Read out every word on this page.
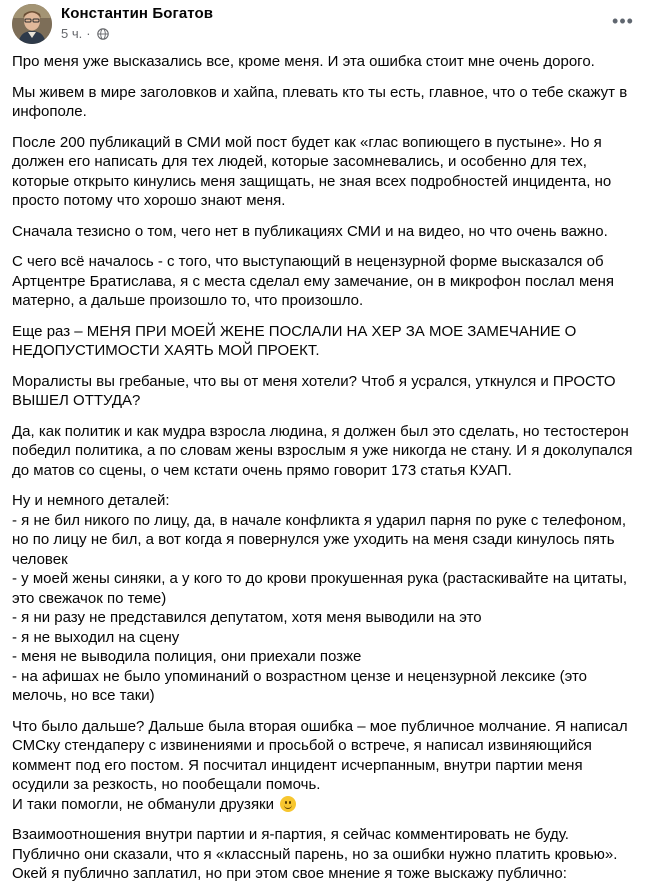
Константин Богатов
5 ч. ·
•••

Про меня уже высказались все, кроме меня. И эта ошибка стоит мне очень дорого.

Мы живем в мире заголовков и хайпа, плевать кто ты есть, главное, что о тебе скажут в инфополе.

После 200 публикаций в СМИ мой пост будет как «глас вопиющего в пустыне». Но я должен его написать для тех людей, которые засомневались, и особенно для тех, которые открыто кинулись меня защищать, не зная всех подробностей инцидента, но просто потому что хорошо знают меня.

Сначала тезисно о том, чего нет в публикациях СМИ и на видео, но что очень важно.

С чего всё началось - с того, что выступающий в нецензурной форме высказался об Артцентре Братислава, я с места сделал ему замечание, он в микрофон послал меня матерно, а дальше произошло то, что произошло.

Еще раз – МЕНЯ ПРИ МОЕЙ ЖЕНЕ ПОСЛАЛИ НА ХЕР ЗА МОЕ ЗАМЕЧАНИЕ О НЕДОПУСТИМОСТИ ХАЯТЬ МОЙ ПРОЕКТ.

Моралисты вы гребаные, что вы от меня хотели? Чтоб я усрался, уткнулся и ПРОСТО ВЫШЕЛ ОТТУДА?

Да, как политик и как мудра взросла людина, я должен был это сделать, но тестостерон победил политика, а по словам жены взрослым я уже никогда не стану. И я доколупался до матов со сцены, о чем кстати очень прямо говорит 173 статья КУАП.

Ну и немного деталей:
- я не бил никого по лицу, да, в начале конфликта я ударил парня по руке с телефоном, но по лицу не бил, а вот когда я повернулся уже уходить на меня сзади кинулось пять человек
- у моей жены синяки, а у кого то до крови прокушенная рука (растаскивайте на цитаты, это свежачок по теме)
- я ни разу не представился депутатом, хотя меня выводили на это
- я не выходил на сцену
- меня не выводила полиция, они приехали позже
- на афишах не было упоминаний о возрастном цензе и нецензурной лексике (это мелочь, но все таки)

Что было дальше? Дальше была вторая ошибка – мое публичное молчание. Я написал СМСку стендаперу с извинениями и просьбой о встрече, я написал извиняющийся коммент под его постом. Я посчитал инцидент исчерпанным, внутри партии меня осудили за резкость, но пообещали помочь.
И таки помогли, не обманули друзяки

Взаимоотношения внутри партии и я-партия, я сейчас комментировать не буду. Публично они сказали, что я «классный парень, но за ошибки нужно платить кровью». Окей я публично заплатил, но при этом свое мнение я тоже выскажу публично:
